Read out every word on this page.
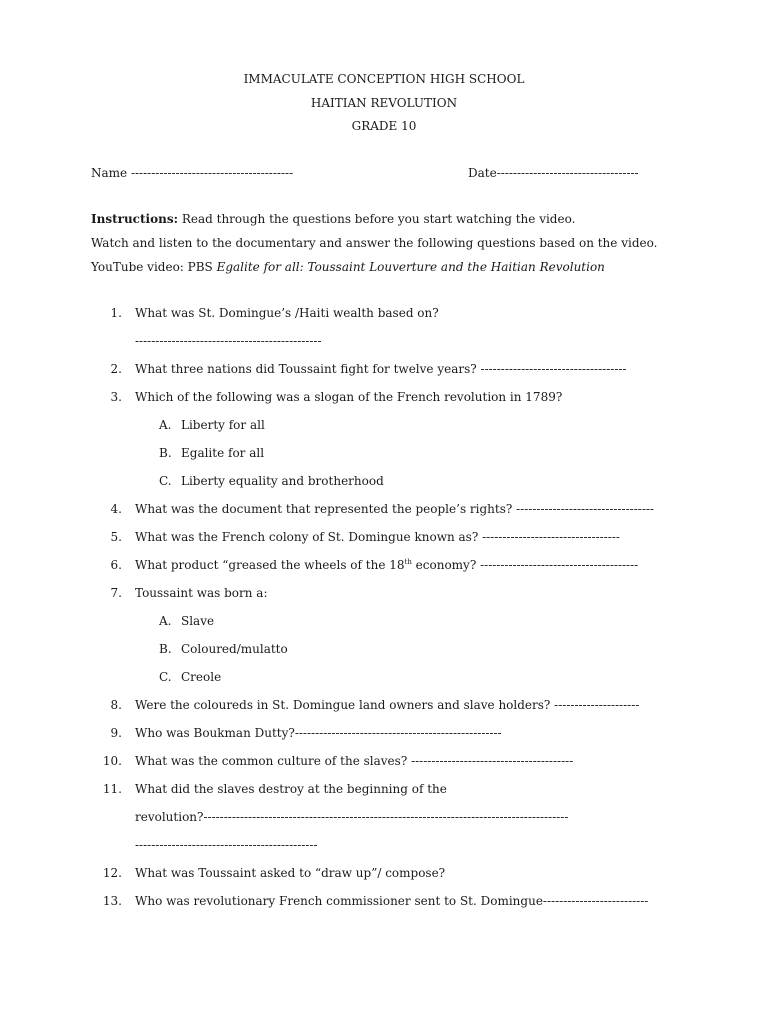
IMMACULATE CONCEPTION HIGH SCHOOL
HAITIAN REVOLUTION
GRADE 10
Name ----------------------------------------	Date-----------------------------------
Instructions: Read through the questions before you start watching the video.
Watch and listen to the documentary and answer the following questions based on the video.
YouTube video: PBS Egalite for all: Toussaint Louverture and the Haitian Revolution
1. What was St. Domingue’s /Haiti wealth based on?
----------------------------------------------
2. What three nations did Toussaint fight for twelve years? ------------------------------------
3. Which of the following was a slogan of the French revolution in 1789?
A. Liberty for all
B. Egalite for all
C. Liberty equality and brotherhood
4. What was the document that represented the people’s rights? ----------------------------------
5. What was the French colony of St. Domingue known as? ----------------------------------
6. What product “greased the wheels of the 18th economy? ---------------------------------------
7. Toussaint was born a:
A. Slave
B. Coloured/mulatto
C. Creole
8. Were the coloureds in St. Domingue land owners and slave holders? ---------------------
9. Who was Boukman Dutty?---------------------------------------------------
10. What was the common culture of the slaves? ----------------------------------------
11. What did the slaves destroy at the beginning of the
revolution?------------------------------------------------------------------------------------------
---------------------------------------------
12. What was Toussaint asked to “draw up”/ compose?
13. Who was revolutionary French commissioner sent to St. Domingue--------------------------
